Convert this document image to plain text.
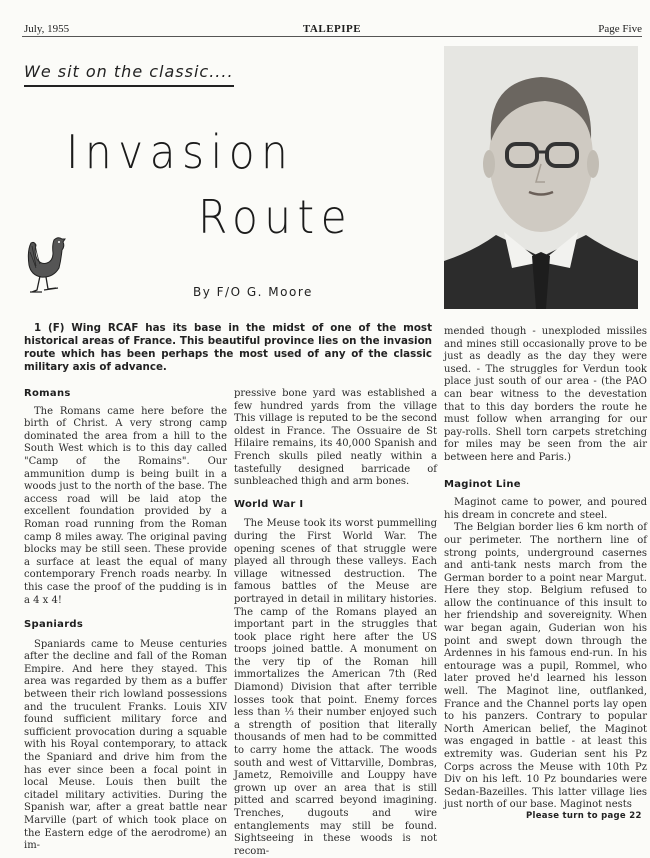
July, 1955	TALEPIPE	Page Five
We sit on the classic....
Invasion
Route
By F/O G. Moore
1 (F) Wing RCAF has its base in the midst of one of the most historical areas of France. This beautiful province lies on the invasion route which has been perhaps the most used of any of the classic military axis of advance.
Romans

The Romans came here before the birth of Christ. A very strong camp dominated the area from a hill to the South West which is to this day called "Camp of the Romains". Our ammunition dump is being built in a woods just to the north of the base. The access road will be laid atop the excellent foundation provided by a Roman road running from the Roman camp 8 miles away. The original paving blocks may be still seen. These provide a surface at least the equal of many contemporary French roads nearby. In this case the proof of the pudding is in a 4 x 4!

Spaniards

Spaniards came to Meuse centuries after the decline and fall of the Roman Empire. And here they stayed. This area was regarded by them as a buffer between their rich lowland possessions and the truculent Franks. Louis XIV found sufficient military force and sufficient provocation during a squable with his Royal contemporary, to attack the Spaniard and drive him from the has ever since been a focal point in local Meuse. Louis then built the citadel military activities. During the Spanish war, after a great battle near Marville (part of which took place on the Eastern edge of the aerodrome) an im-

pressive bone yard was established a few hundred yards from the village This village is reputed to be the second oldest in France. The Ossuaire de St Hilaire remains, its 40,000 Spanish and French skulls piled neatly within a tastefully designed barricade of sunbleached thigh and arm bones.

World War I

The Meuse took its worst pummelling during the First World War. The opening scenes of that struggle were played all through these valleys. Each village witnessed destruction. The famous battles of the Meuse are portrayed in detail in military histories. The camp of the Romans played an important part in the struggles that took place right here after the US troops joined battle. A monument on the very tip of the Roman hill immortalizes the American 7th (Red Diamond) Division that after terrible losses took that point. Enemy forces less than ⅓ their number enjoyed such a strength of position that literally thousands of men had to be committed to carry home the attack. The woods south and west of Vittarville, Dombras, Jametz, Remoiville and Louppy have grown up over an area that is still pitted and scarred beyond imagining. Trenches, dugouts and wire entanglements may still be found. Sightseeing in these woods is not recom-

mended though - unexploded missiles and mines still occasionally prove to be just as deadly as the day they were used. - The struggles for Verdun took place just south of our area - (the PAO can bear witness to the devestation that to this day borders the route he must follow when arranging for our pay-rolls. Shell torn carpets stretching for miles may be seen from the air between here and Paris.)

Maginot Line

Maginot came to power, and poured his dream in concrete and steel.

The Belgian border lies 6 km north of our perimeter. The northern line of strong points, underground casernes and anti-tank nests march from the German border to a point near Margut. Here they stop. Belgium refused to allow the continuance of this insult to her friendship and sovereignity. When war began again, Guderian won his point and swept down through the Ardennes in his famous end-run. In his entourage was a pupil, Rommel, who later proved he'd learned his lesson well. The Maginot line, outflanked, France and the Channel ports lay open to his panzers. Contrary to popular North American belief, the Maginot was engaged in battle - at least this extremity was. Guderian sent his Pz Corps across the Meuse with 10th Pz Div on his left. 10 Pz boundaries were Sedan-Bazeilles. This latter village lies just north of our base. Maginot nests

Please turn to page 22
